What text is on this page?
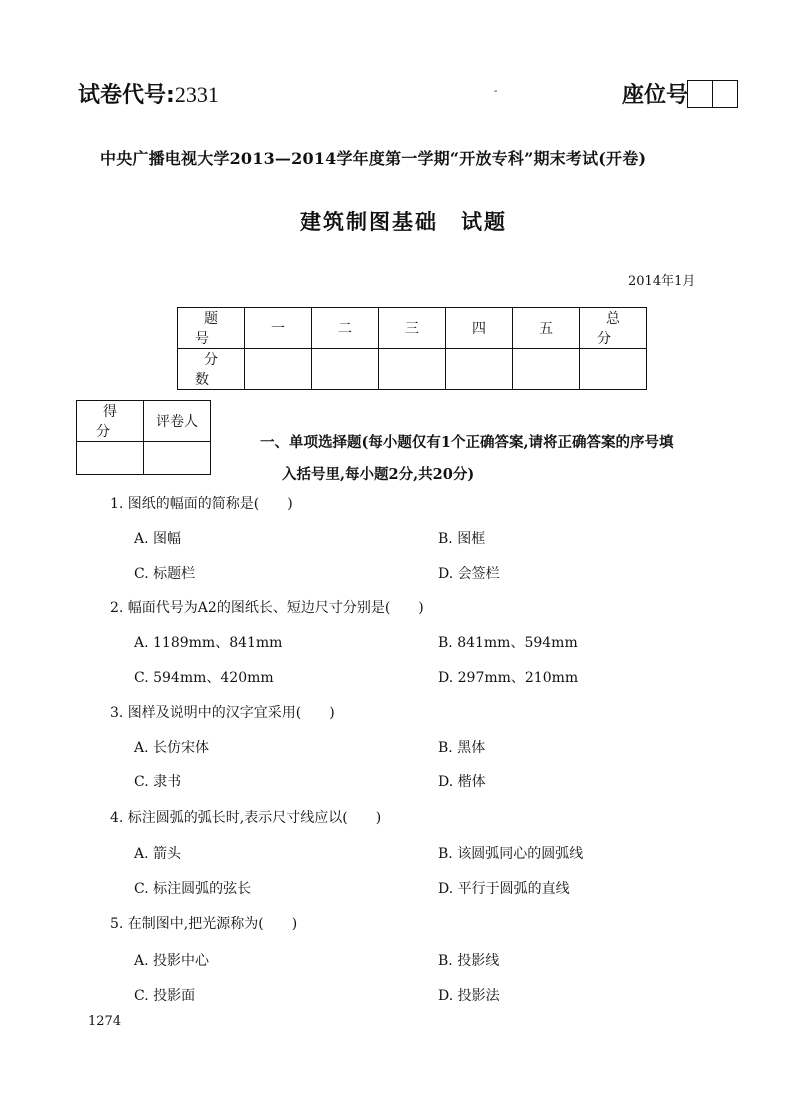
试卷代号:2331	-	座位号
中央广播电视大学2013—2014学年度第一学期“开放专科”期末考试(开卷)
建筑制图基础　试题
2014年1月
题号	一	二	三	四	五	总分
分数						
得分	评卷人

一、单项选择题(每小题仅有1个正确答案,请将正确答案的序号填
入括号里,每小题2分,共20分)
1. 图纸的幅面的简称是(　　)
A. 图幅	B. 图框
C. 标题栏	D. 会签栏
2. 幅面代号为A2的图纸长、短边尺寸分别是(　　)
A. 1189mm、841mm	B. 841mm、594mm
C. 594mm、420mm	D. 297mm、210mm
3. 图样及说明中的汉字宜采用(　　)
A. 长仿宋体	B. 黑体
C. 隶书	D. 楷体
4. 标注圆弧的弧长时,表示尺寸线应以(　　)
A. 箭头	B. 该圆弧同心的圆弧线
C. 标注圆弧的弦长	D. 平行于圆弧的直线
5. 在制图中,把光源称为(　　)
A. 投影中心	B. 投影线
C. 投影面	D. 投影法
1274
